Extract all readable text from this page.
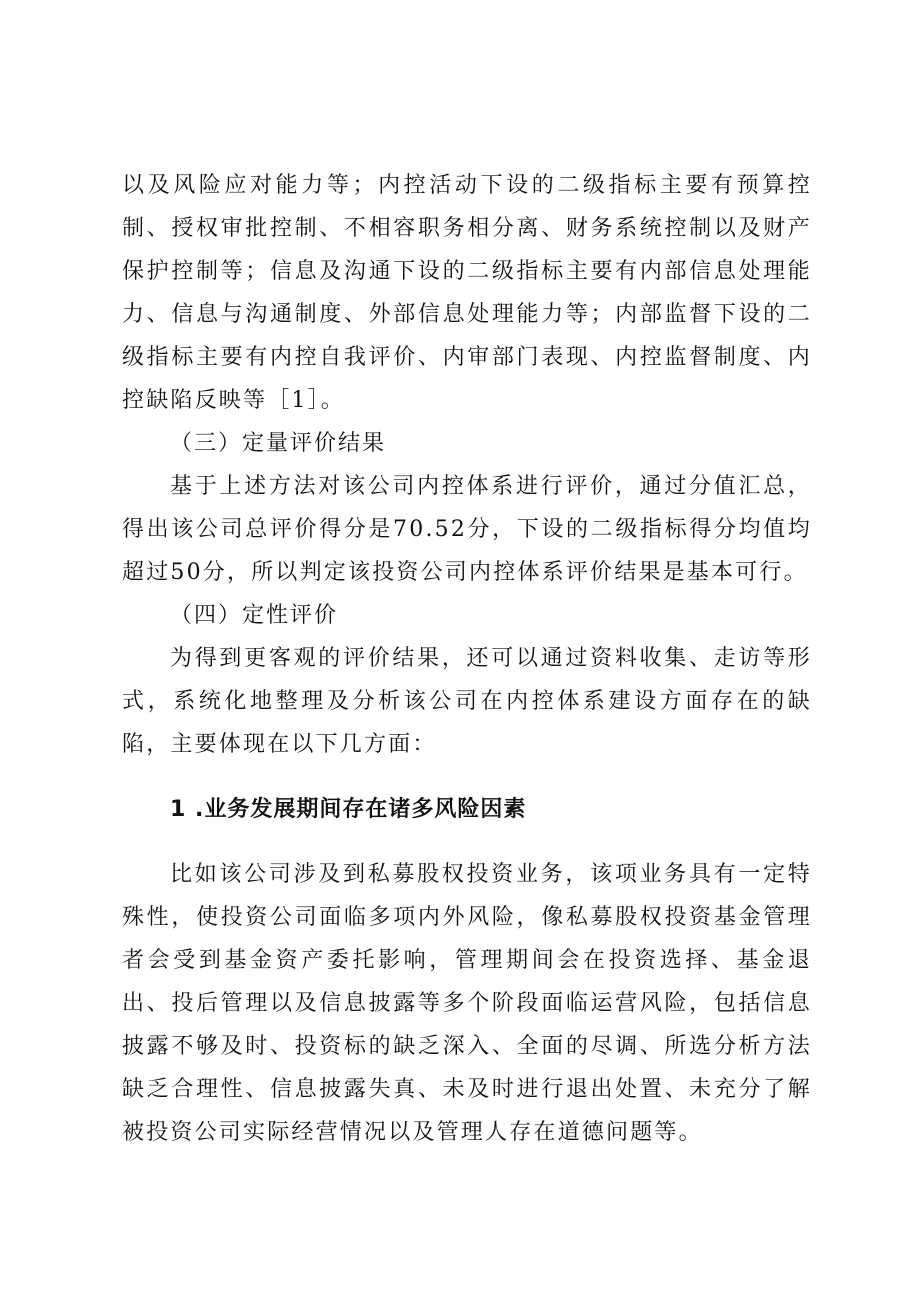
以及风险应对能力等；内控活动下设的二级指标主要有预算控制、授权审批控制、不相容职务相分离、财务系统控制以及财产保护控制等；信息及沟通下设的二级指标主要有内部信息处理能力、信息与沟通制度、外部信息处理能力等；内部监督下设的二级指标主要有内控自我评价、内审部门表现、内控监督制度、内控缺陷反映等［1］。

（三）定量评价结果

基于上述方法对该公司内控体系进行评价，通过分值汇总，得出该公司总评价得分是70.52分，下设的二级指标得分均值均超过50分，所以判定该投资公司内控体系评价结果是基本可行。

（四）定性评价

为得到更客观的评价结果，还可以通过资料收集、走访等形式，系统化地整理及分析该公司在内控体系建设方面存在的缺陷，主要体现在以下几方面：

1 .业务发展期间存在诸多风险因素

比如该公司涉及到私募股权投资业务，该项业务具有一定特殊性，使投资公司面临多项内外风险，像私募股权投资基金管理者会受到基金资产委托影响，管理期间会在投资选择、基金退出、投后管理以及信息披露等多个阶段面临运营风险，包括信息披露不够及时、投资标的缺乏深入、全面的尽调、所选分析方法缺乏合理性、信息披露失真、未及时进行退出处置、未充分了解被投资公司实际经营情况以及管理人存在道德问题等。
